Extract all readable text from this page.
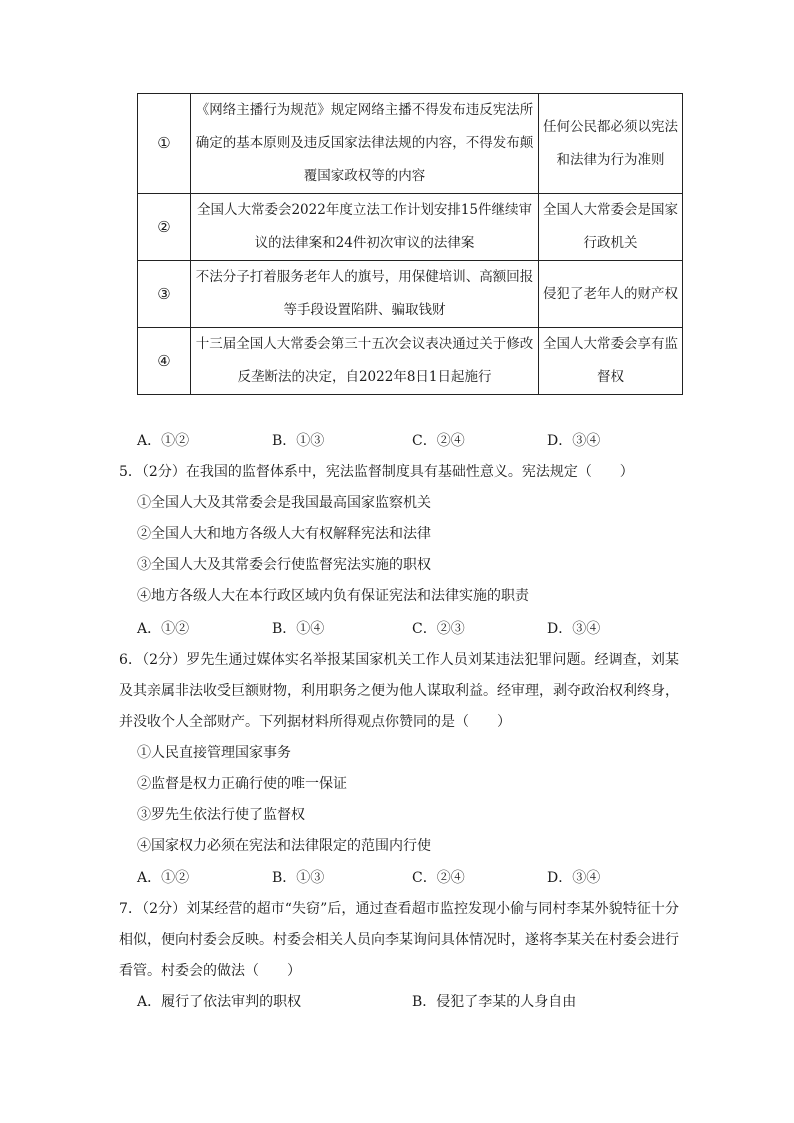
①	《网络主播行为规范》规定网络主播不得发布违反宪法所确定的基本原则及违反国家法律法规的内容，不得发布颠覆国家政权等的内容	任何公民都必须以宪法和法律为行为准则
②	全国人大常委会2022年度立法工作计划安排15件继续审议的法律案和24件初次审议的法律案	全国人大常委会是国家行政机关
③	不法分子打着服务老年人的旗号，用保健培训、高额回报等手段设置陷阱、骗取钱财	侵犯了老年人的财产权
④	十三届全国人大常委会第三十五次会议表决通过关于修改反垄断法的决定，自2022年8日1日起施行	全国人大常委会享有监督权
A．①②	B．①③	C．②④	D．③④

5．（2分）在我国的监督体系中，宪法监督制度具有基础性意义。宪法规定（　　）

①全国人大及其常委会是我国最高国家监察机关

②全国人大和地方各级人大有权解释宪法和法律

③全国人大及其常委会行使监督宪法实施的职权

④地方各级人大在本行政区域内负有保证宪法和法律实施的职责

A．①②	B．①④	C．②③	D．③④

6．（2分）罗先生通过媒体实名举报某国家机关工作人员刘某违法犯罪问题。经调查，刘某及其亲属非法收受巨额财物，利用职务之便为他人谋取利益。经审理，剥夺政治权利终身，并没收个人全部财产。下列据材料所得观点你赞同的是（　　）

①人民直接管理国家事务

②监督是权力正确行使的唯一保证

③罗先生依法行使了监督权

④国家权力必须在宪法和法律限定的范围内行使

A．①②	B．①③	C．②④	D．③④

7．（2分）刘某经营的超市“失窃”后，通过查看超市监控发现小偷与同村李某外貌特征十分相似，便向村委会反映。村委会相关人员向李某询问具体情况时，遂将李某关在村委会进行看管。村委会的做法（　　）

A．履行了依法审判的职权	B．侵犯了李某的人身自由
